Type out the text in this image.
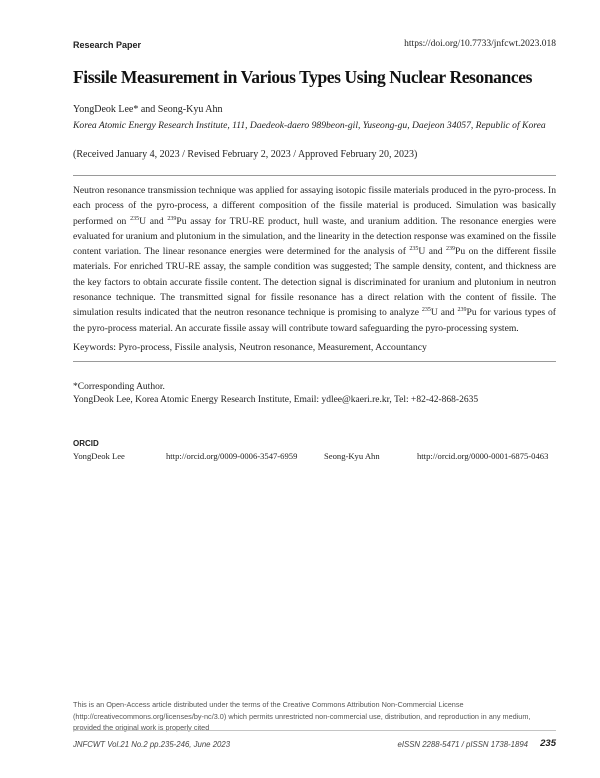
Research Paper	https://doi.org/10.7733/jnfcwt.2023.018
Fissile Measurement in Various Types Using Nuclear Resonances
YongDeok Lee* and Seong-Kyu Ahn
Korea Atomic Energy Research Institute, 111, Daedeok-daero 989beon-gil, Yuseong-gu, Daejeon 34057, Republic of Korea
(Received January 4, 2023 / Revised February 2, 2023 / Approved February 20, 2023)
Neutron resonance transmission technique was applied for assaying isotopic fissile materials produced in the pyro-process. In each process of the pyro-process, a different composition of the fissile material is produced. Simulation was basically performed on $^{235}$U and $^{239}$Pu assay for TRU-RE product, hull waste, and uranium addition. The resonance energies were evaluated for uranium and plutonium in the simulation, and the linearity in the detection response was examined on the fissile content variation. The linear resonance energies were determined for the analysis of $^{235}$U and $^{239}$Pu on the different fissile materials. For enriched TRU-RE assay, the sample condition was suggested; The sample density, content, and thickness are the key factors to obtain accurate fissile content. The detection signal is discriminated for uranium and plutonium in neutron resonance technique. The transmitted signal for fissile resonance has a direct relation with the content of fissile. The simulation results indicated that the neutron resonance technique is promising to analyze $^{235}$U and $^{239}$Pu for various types of the pyro-process material. An accurate fissile assay will contribute toward safeguarding the pyro-processing system.
Keywords: Pyro-process, Fissile analysis, Neutron resonance, Measurement, Accountancy
*Corresponding Author.
YongDeok Lee, Korea Atomic Energy Research Institute, Email: ydlee@kaeri.re.kr, Tel: +82-42-868-2635
ORCID
YongDeok Lee	http://orcid.org/0009-0006-3547-6959	Seong-Kyu Ahn	http://orcid.org/0000-0001-6875-0463
This is an Open-Access article distributed under the terms of the Creative Commons Attribution Non-Commercial License (http://creativecommons.org/licenses/by-nc/3.0) which permits unrestricted non-commercial use, distribution, and reproduction in any medium, provided the original work is properly cited
JNFCWT Vol.21 No.2 pp.235-246, June 2023	eISSN 2288-5471 / pISSN 1738-1894 235
